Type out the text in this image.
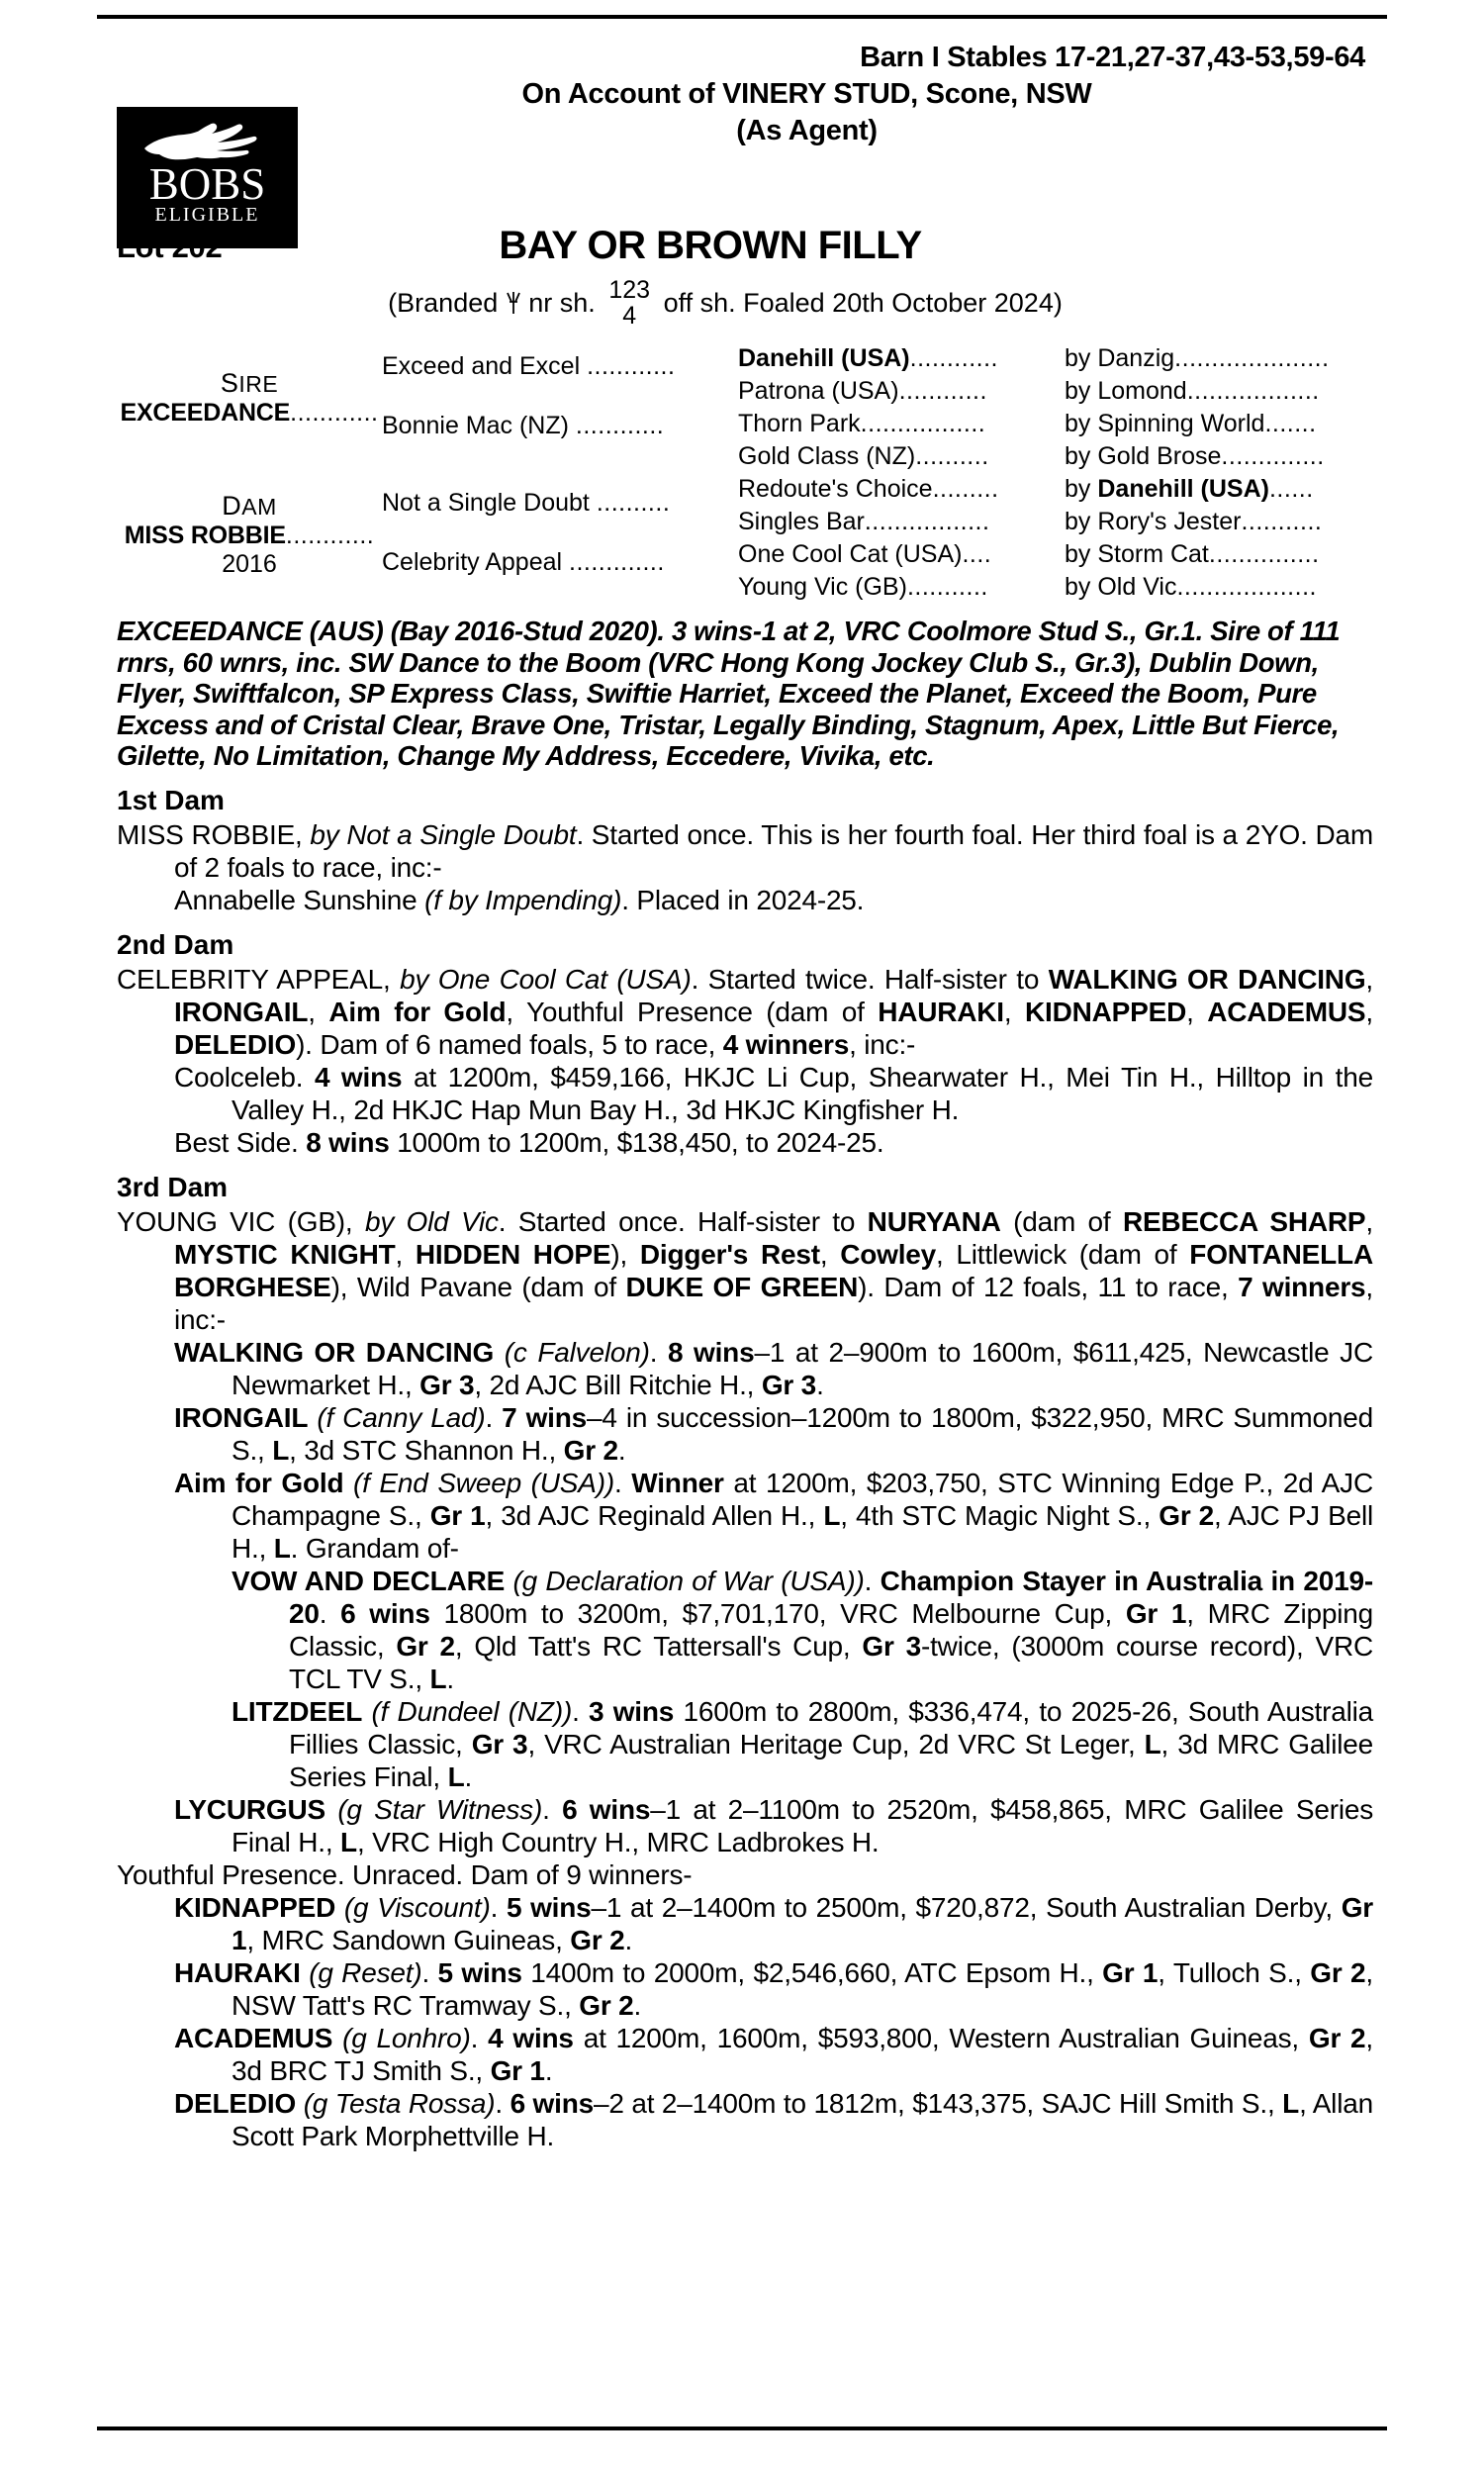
BOBS
ELIGIBLE
Barn I Stables 17-21,27-37,43-53,59-64
On Account of VINERY STUD, Scone, NSW
(As Agent)
Lot 202	BAY OR BROWN FILLY
(Branded nr sh. 123
4	off sh. Foaled 20th October 2024)
SIRE
EXCEEDANCE............
DAM
MISS ROBBIE............
2016
Exceed and Excel ............
Bonnie Mac (NZ) ............
Not a Single Doubt ..........
Celebrity Appeal .............
Danehill (USA)............
Patrona (USA)............
Thorn Park.................
Gold Class (NZ)..........
Redoute's Choice.........
Singles Bar.................
One Cool Cat (USA)....
Young Vic (GB)...........
by Danzig.....................
by Lomond..................
by Spinning World.......
by Gold Brose..............
by Danehill (USA)......
by Rory's Jester...........
by Storm Cat...............
by Old Vic...................
EXCEEDANCE (AUS) (Bay 2016-Stud 2020). 3 wins-1 at 2, VRC Coolmore Stud S., Gr.1. Sire of 111 rnrs, 60 wnrs, inc. SW Dance to the Boom (VRC Hong Kong Jockey Club S., Gr.3), Dublin Down, Flyer, Swiftfalcon, SP Express Class, Swiftie Harriet, Exceed the Planet, Exceed the Boom, Pure Excess and of Cristal Clear, Brave One, Tristar, Legally Binding, Stagnum, Apex, Little But Fierce, Gilette, No Limitation, Change My Address, Eccedere, Vivika, etc.
1st Dam
MISS ROBBIE, by Not a Single Doubt. Started once. This is her fourth foal. Her third foal is a 2YO. Dam of 2 foals to race, inc:-
Annabelle Sunshine (f by Impending). Placed in 2024-25.
2nd Dam
CELEBRITY APPEAL, by One Cool Cat (USA). Started twice. Half-sister to WALKING OR DANCING, IRONGAIL, Aim for Gold, Youthful Presence (dam of HAURAKI, KIDNAPPED, ACADEMUS, DELEDIO). Dam of 6 named foals, 5 to race, 4 winners, inc:-
Coolceleb. 4 wins at 1200m, $459,166, HKJC Li Cup, Shearwater H., Mei Tin H., Hilltop in the Valley H., 2d HKJC Hap Mun Bay H., 3d HKJC Kingfisher H.
Best Side. 8 wins 1000m to 1200m, $138,450, to 2024-25.
3rd Dam
YOUNG VIC (GB), by Old Vic. Started once. Half-sister to NURYANA (dam of REBECCA SHARP, MYSTIC KNIGHT, HIDDEN HOPE), Digger's Rest, Cowley, Littlewick (dam of FONTANELLA BORGHESE), Wild Pavane (dam of DUKE OF GREEN). Dam of 12 foals, 11 to race, 7 winners, inc:-
WALKING OR DANCING (c Falvelon). 8 wins–1 at 2–900m to 1600m, $611,425, Newcastle JC Newmarket H., Gr 3, 2d AJC Bill Ritchie H., Gr 3.
IRONGAIL (f Canny Lad). 7 wins–4 in succession–1200m to 1800m, $322,950, MRC Summoned S., L, 3d STC Shannon H., Gr 2.
Aim for Gold (f End Sweep (USA)). Winner at 1200m, $203,750, STC Winning Edge P., 2d AJC Champagne S., Gr 1, 3d AJC Reginald Allen H., L, 4th STC Magic Night S., Gr 2, AJC PJ Bell H., L. Grandam of-
VOW AND DECLARE (g Declaration of War (USA)). Champion Stayer in Australia in 2019-20. 6 wins 1800m to 3200m, $7,701,170, VRC Melbourne Cup, Gr 1, MRC Zipping Classic, Gr 2, Qld Tatt's RC Tattersall's Cup, Gr 3-twice, (3000m course record), VRC TCL TV S., L.
LITZDEEL (f Dundeel (NZ)). 3 wins 1600m to 2800m, $336,474, to 2025-26, South Australia Fillies Classic, Gr 3, VRC Australian Heritage Cup, 2d VRC St Leger, L, 3d MRC Galilee Series Final, L.
LYCURGUS (g Star Witness). 6 wins–1 at 2–1100m to 2520m, $458,865, MRC Galilee Series Final H., L, VRC High Country H., MRC Ladbrokes H.
Youthful Presence. Unraced. Dam of 9 winners-
KIDNAPPED (g Viscount). 5 wins–1 at 2–1400m to 2500m, $720,872, South Australian Derby, Gr 1, MRC Sandown Guineas, Gr 2.
HAURAKI (g Reset). 5 wins 1400m to 2000m, $2,546,660, ATC Epsom H., Gr 1, Tulloch S., Gr 2, NSW Tatt's RC Tramway S., Gr 2.
ACADEMUS (g Lonhro). 4 wins at 1200m, 1600m, $593,800, Western Australian Guineas, Gr 2, 3d BRC TJ Smith S., Gr 1.
DELEDIO (g Testa Rossa). 6 wins–2 at 2–1400m to 1812m, $143,375, SAJC Hill Smith S., L, Allan Scott Park Morphettville H.
